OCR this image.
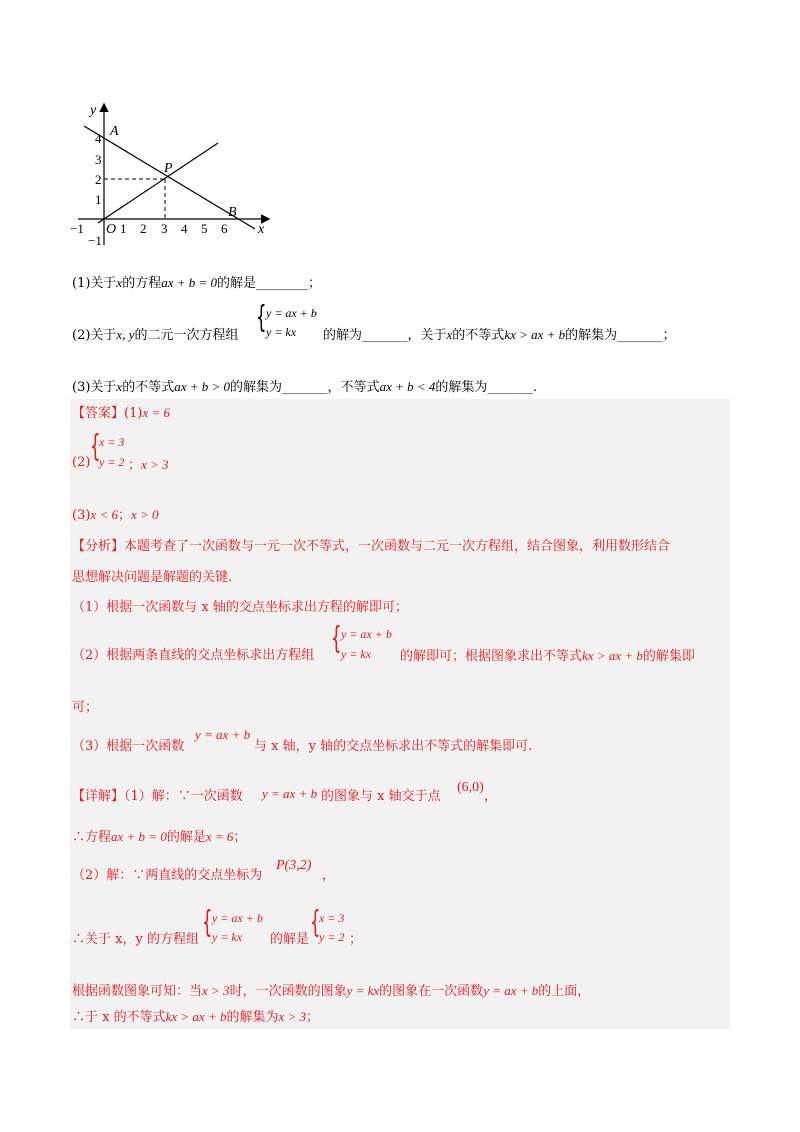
y
x
A
P
B
O
4
3
2
1
−1
−1	1 2 3 4 5 6
(1)关于x的方程ax + b = 0的解是________；
(2)关于x, y的二元一次方程组
{ y = ax + b
y = kx 的解为_______，关于x的不等式kx > ax + b的解集为_______；
(3)关于x的不等式ax + b > 0的解集为_______，不等式ax + b < 4的解集为_______.
【答案】(1)x = 6
(2) {
x = 3
y = 2 ；x > 3
(3)x < 6；x > 0
【分析】本题考查了一次函数与一元一次不等式，一次函数与二元一次方程组，结合图象，利用数形结合
思想解决问题是解题的关键.
（1）根据一次函数与 x 轴的交点坐标求出方程的解即可；
（2）根据两条直线的交点坐标求出方程组 { y = ax + b
y = kx 的解即可；根据图象求出不等式kx > ax + b的解集即
可；
（3）根据一次函数
y = ax + b
与 x 轴，y 轴的交点坐标求出不等式的解集即可.
【详解】（1）解：∵一次函数 y = ax + b 的图象与 x 轴交于点
(6,0)
，
∴方程ax + b = 0的解是x = 6；
（2）解：∵两直线的交点坐标为
P(3,2)
，
∴关于 x，y 的方程组 { y = ax + b
y = kx 的解是 {
x = 3
y = 2 ；
根据函数图象可知：当x > 3时，一次函数的图象y = kx的图象在一次函数y = ax + b的上面，
∴于 x 的不等式kx > ax + b的解集为x > 3；
